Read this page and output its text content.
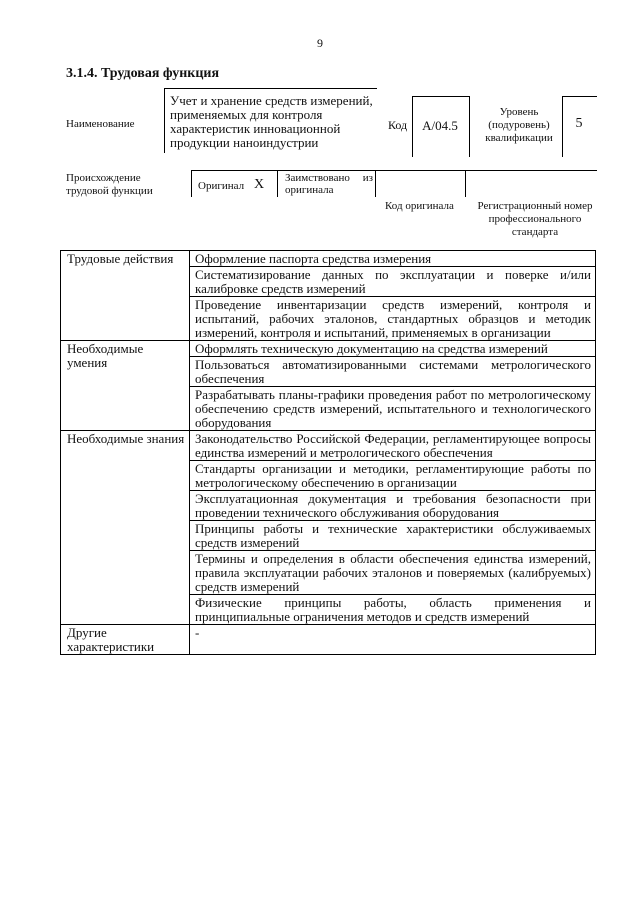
9
3.1.4. Трудовая функция
Наименование
Учет и хранение средств измерений, применяемых для контроля характеристик инновационной продукции наноиндустрии
Код	A/04.5
Уровень (подуровень) квалификации
5
Происхождение трудовой функции	Оригинал X Заимствовано из оригинала
Код оригинала	Регистрационный номер профессионального стандарта
Трудовые действия	Оформление паспорта средства измерения
	Систематизирование данных по эксплуатации и поверке и/или калибровке средств измерений
	Проведение инвентаризации средств измерений, контроля и испытаний, рабочих эталонов, стандартных образцов и методик измерений, контроля и испытаний, применяемых в организации
Необходимые умения	Оформлять техническую документацию на средства измерений
	Пользоваться автоматизированными системами метрологического обеспечения
	Разрабатывать планы-графики проведения работ по метрологическому обеспечению средств измерений, испытательного и технологического оборудования
Необходимые знания	Законодательство Российской Федерации, регламентирующее вопросы единства измерений и метрологического обеспечения
	Стандарты организации и методики, регламентирующие работы по метрологическому обеспечению в организации
	Эксплуатационная документация и требования безопасности при проведении технического обслуживания оборудования
	Принципы работы и технические характеристики обслуживаемых средств измерений
	Термины и определения в области обеспечения единства измерений, правила эксплуатации рабочих эталонов и поверяемых (калибруемых) средств измерений
	Физические принципы работы, область применения и принципиальные ограничения методов и средств измерений
Другие характеристики	-
